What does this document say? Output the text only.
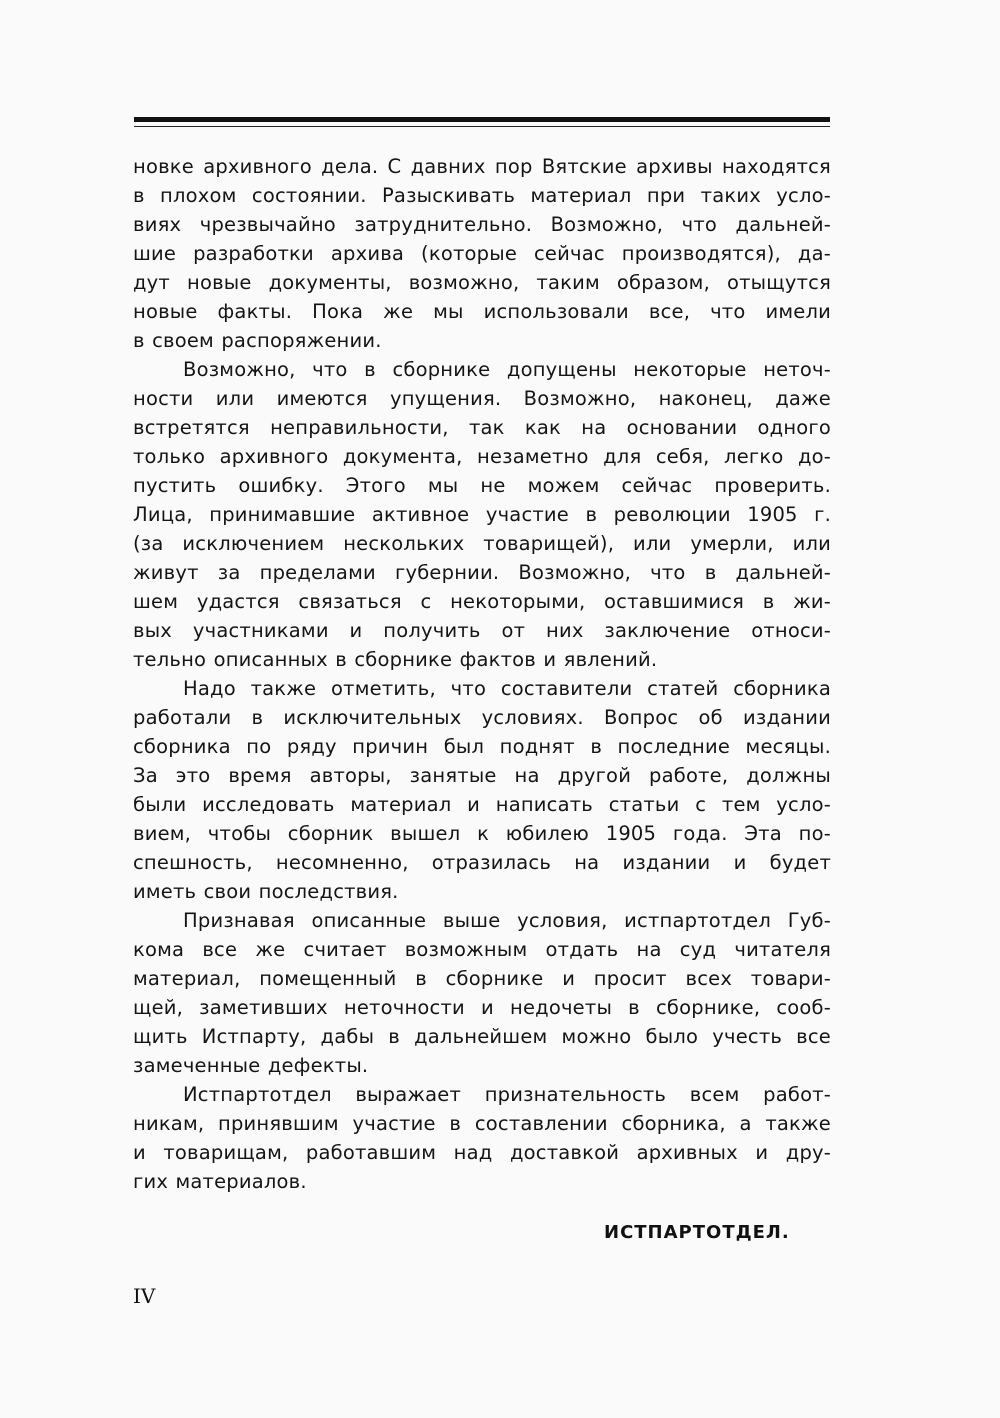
новке архивного дела. С давних пор Вятские архивы находятся
в плохом состоянии. Разыскивать материал при таких усло-
виях чрезвычайно затруднительно. Возможно, что дальней-
шие разработки архива (которые сейчас производятся), да-
дут новые документы, возможно, таким образом, отыщутся
новые факты. Пока же мы использовали все, что имели
в своем распоряжении.
Возможно, что в сборнике допущены некоторые неточ-
ности или имеются упущения. Возможно, наконец, даже
встретятся неправильности, так как на основании одного
только архивного документа, незаметно для себя, легко до-
пустить ошибку. Этого мы не можем сейчас проверить.
Лица, принимавшие активное участие в революции 1905 г.
(за исключением нескольких товарищей), или умерли, или
живут за пределами губернии. Возможно, что в дальней-
шем удастся связаться с некоторыми, оставшимися в жи-
вых участниками и получить от них заключение относи-
тельно описанных в сборнике фактов и явлений.
Надо также отметить, что составители статей сборника
работали в исключительных условиях. Вопрос об издании
сборника по ряду причин был поднят в последние месяцы.
За это время авторы, занятые на другой работе, должны
были исследовать материал и написать статьи с тем усло-
вием, чтобы сборник вышел к юбилею 1905 года. Эта по-
спешность, несомненно, отразилась на издании и будет
иметь свои последствия.
Признавая описанные выше условия, истпартотдел Губ-
кома все же считает возможным отдать на суд читателя
материал, помещенный в сборнике и просит всех товари-
щей, заметивших неточности и недочеты в сборнике, сооб-
щить Истпарту, дабы в дальнейшем можно было учесть все
замеченные дефекты.
Истпартотдел выражает признательность всем работ-
никам, принявшим участие в составлении сборника, а также
и товарищам, работавшим над доставкой архивных и дру-
гих материалов.
ИСТПАРТОТДЕЛ.
IV
